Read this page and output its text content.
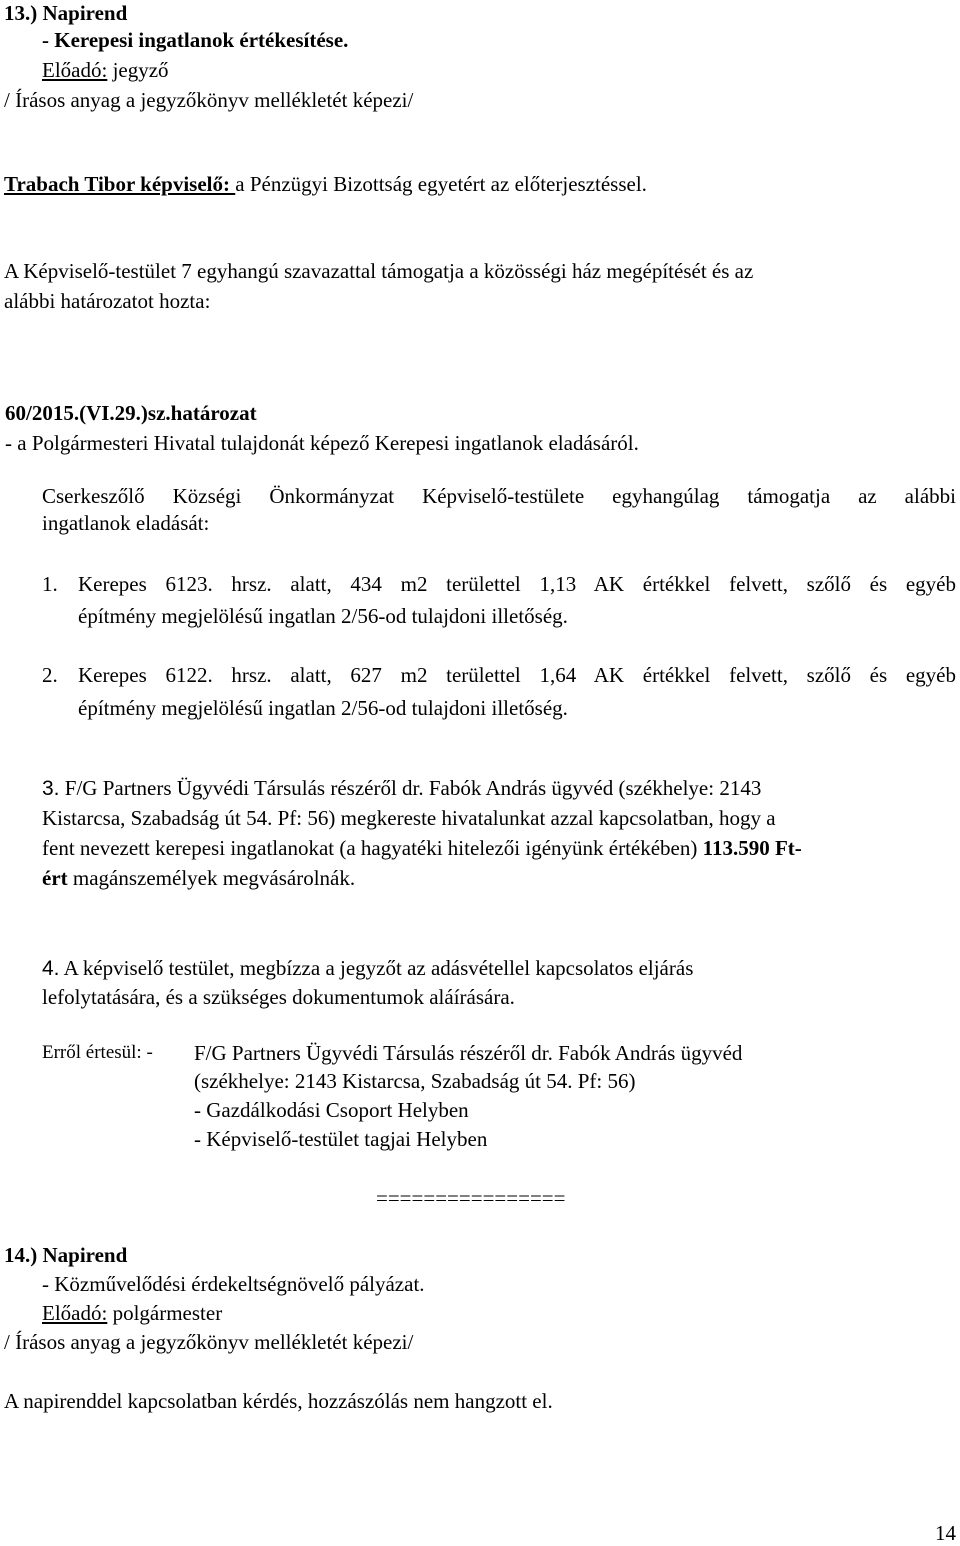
13.) Napirend
- Kerepesi ingatlanok értékesítése.
Előadó: jegyző
/ Írásos anyag a jegyzőkönyv mellékletét képezi/
Trabach Tibor képviselő: a Pénzügyi Bizottság egyetért az előterjesztéssel.
A Képviselő-testület 7 egyhangú szavazattal támogatja a közösségi ház megépítését és az
alábbi határozatot hozta:
60/2015.(VI.29.)sz.határozat
- a Polgármesteri Hivatal tulajdonát képező Kerepesi ingatlanok eladásáról.
Cserkeszőlő Községi Önkormányzat Képviselő-testülete egyhangúlag támogatja az alábbi
ingatlanok eladását:
1. Kerepes 6123. hrsz. alatt, 434 m2 területtel 1,13 AK értékkel felvett, szőlő és egyéb
építmény megjelölésű ingatlan 2/56-od tulajdoni illetőség.
2. Kerepes 6122. hrsz. alatt, 627 m2 területtel 1,64 AK értékkel felvett, szőlő és egyéb
építmény megjelölésű ingatlan 2/56-od tulajdoni illetőség.
3. F/G Partners Ügyvédi Társulás részéről dr. Fabók András ügyvéd (székhelye: 2143
Kistarcsa, Szabadság út 54. Pf: 56) megkereste hivatalunkat azzal kapcsolatban, hogy a
fent nevezett kerepesi ingatlanokat (a hagyatéki hitelezői igényünk értékében) 113.590 Ft-
ért magánszemélyek megvásárolnák.
4. A képviselő testület, megbízza a jegyzőt az adásvétellel kapcsolatos eljárás
lefolytatására, és a szükséges dokumentumok aláírására.
Erről értesül: - F/G Partners Ügyvédi Társulás részéről dr. Fabók András ügyvéd
(székhelye: 2143 Kistarcsa, Szabadság út 54. Pf: 56)
- Gazdálkodási Csoport Helyben
- Képviselő-testület tagjai Helyben
================
14.) Napirend
- Közművelődési érdekeltségnövelő pályázat.
Előadó: polgármester
/ Írásos anyag a jegyzőkönyv mellékletét képezi/
A napirenddel kapcsolatban kérdés, hozzászólás nem hangzott el.
14
